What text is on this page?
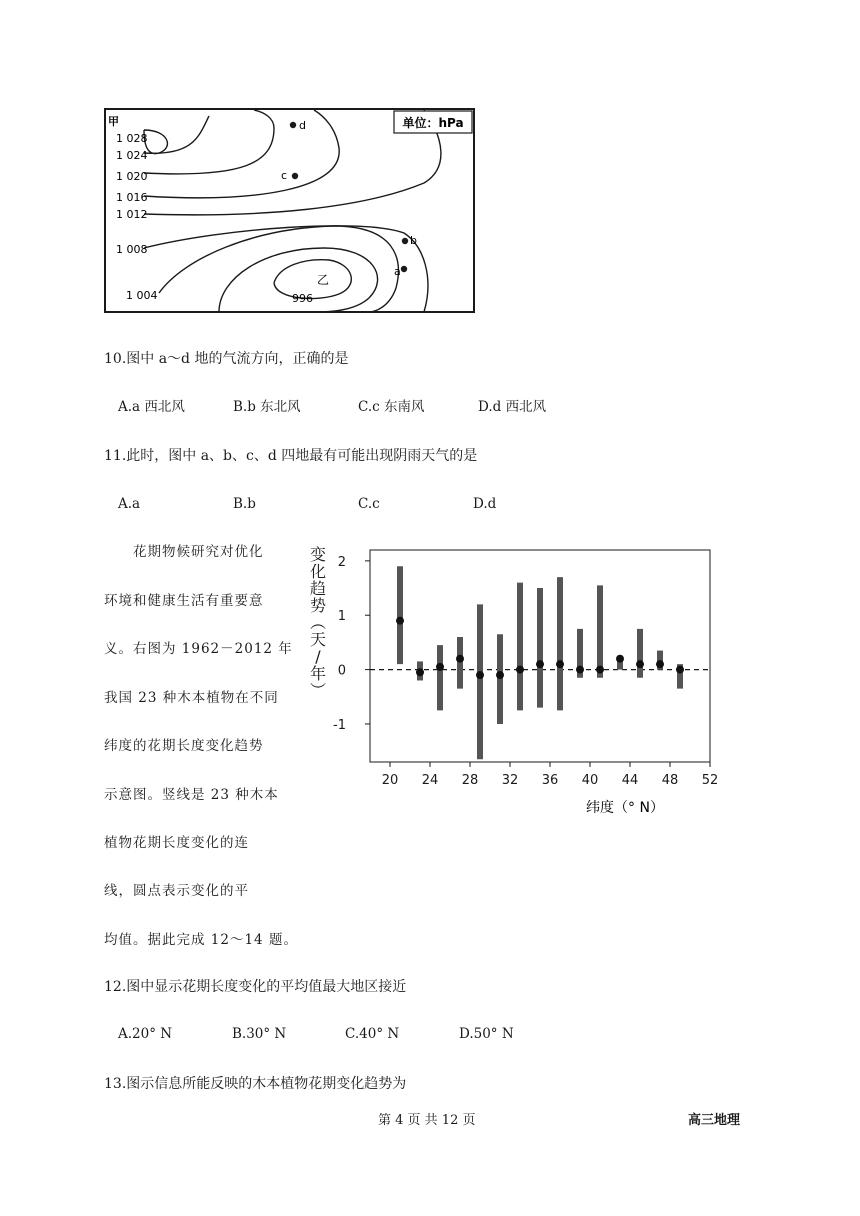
单位：hPa
甲
1 028
1 024
1 020
1 016
1 012
1 008
1 004	996
乙
d
c
b
a
10.图中 a～d 地的气流方向，正确的是
A.a 西北风	B.b 东北风	C.c 东南风	D.d 西北风
11.此时，图中 a、b、c、d 四地最有可能出现阴雨天气的是
A.a	B.b	C.c	D.d
花期物候研究对优化
环境和健康生活有重要意
义。右图为 1962－2012 年
我国 23 种木本植物在不同
纬度的花期长度变化趋势
示意图。竖线是 23 种木本
植物花期长度变化的连
线，圆点表示变化的平
均值。据此完成 12～14 题。
变
化
趋
势
（
天
/
年
）
纬度（° N）
20 24 28 32 36 40 44 48 52
2
1
0
-1
12.图中显示花期长度变化的平均值最大地区接近
A.20° N	B.30° N	C.40° N	D.50° N
13.图示信息所能反映的木本植物花期变化趋势为
第 4 页 共 12 页	高三地理
